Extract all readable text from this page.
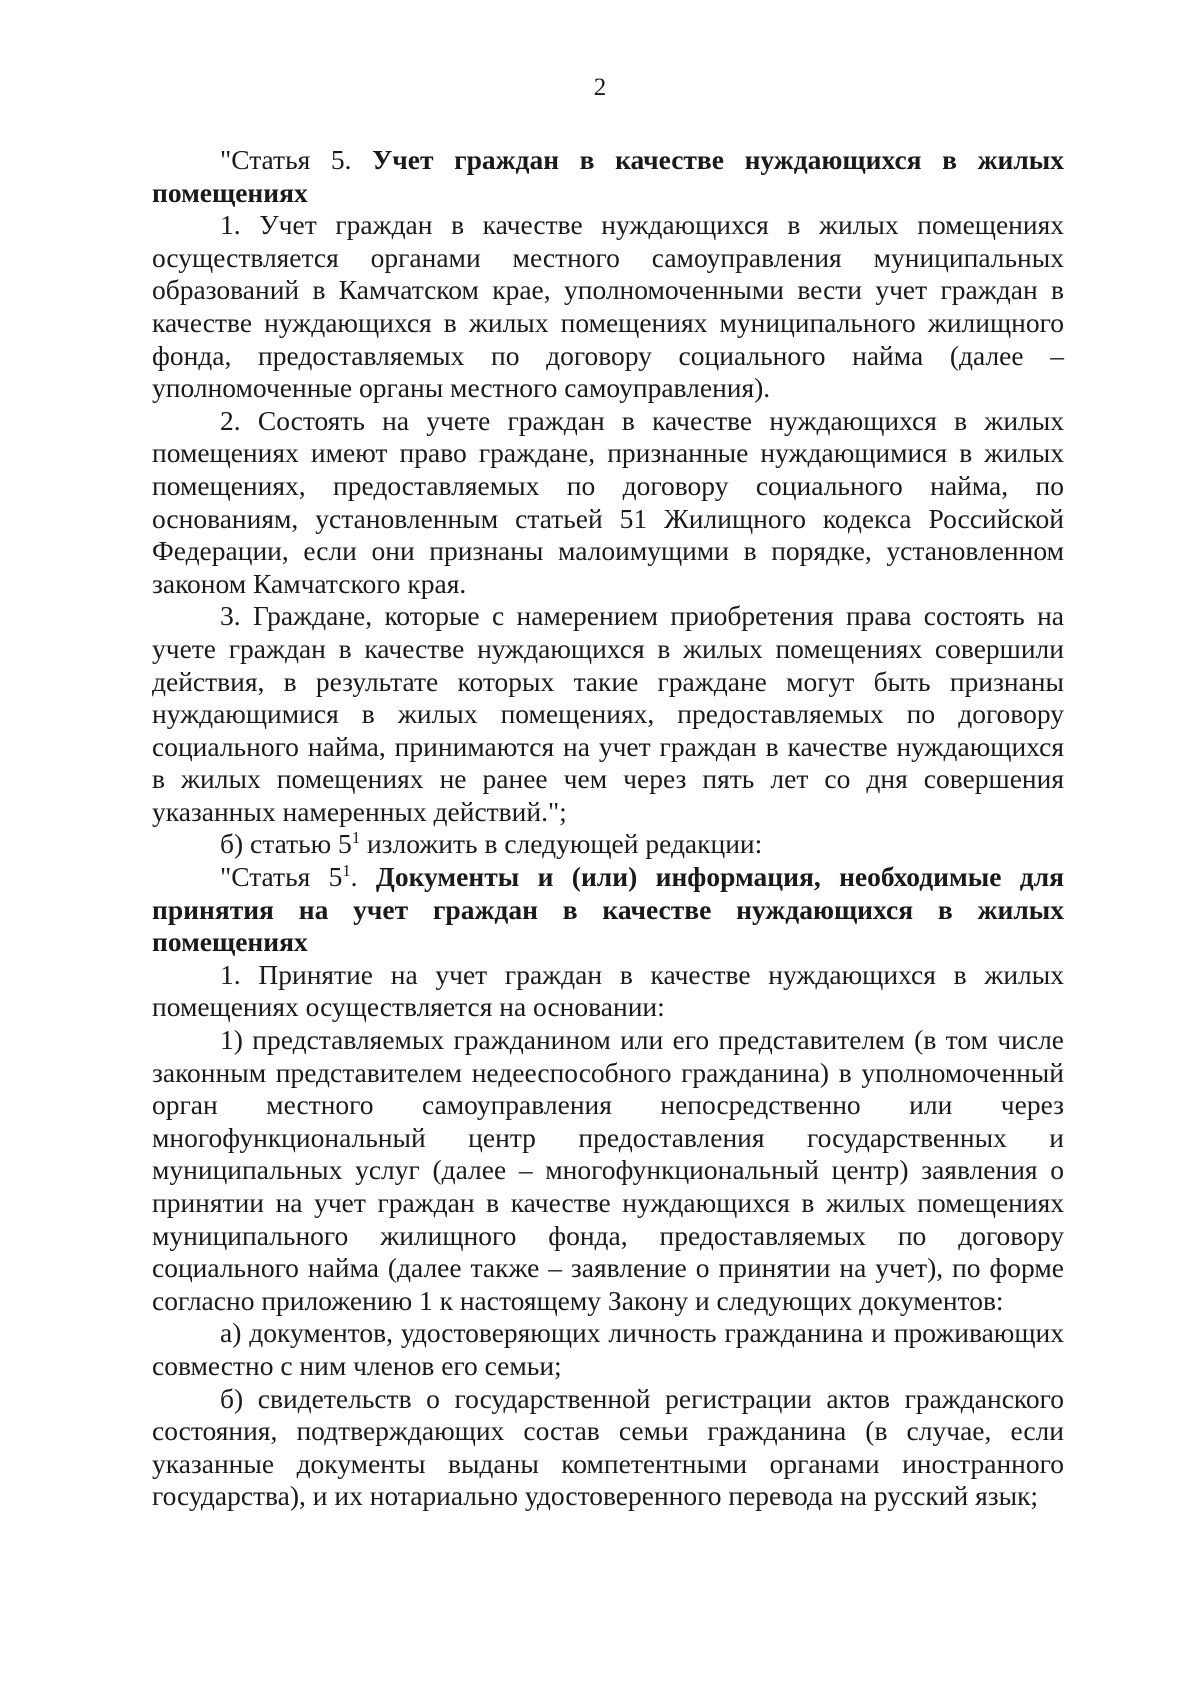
2

"Статья 5. Учет граждан в качестве нуждающихся в жилых помещениях

1. Учет граждан в качестве нуждающихся в жилых помещениях осуществляется органами местного самоуправления муниципальных образований в Камчатском крае, уполномоченными вести учет граждан в качестве нуждающихся в жилых помещениях муниципального жилищного фонда, предоставляемых по договору социального найма (далее – уполномоченные органы местного самоуправления).

2. Состоять на учете граждан в качестве нуждающихся в жилых помещениях имеют право граждане, признанные нуждающимися в жилых помещениях, предоставляемых по договору социального найма, по основаниям, установленным статьей 51 Жилищного кодекса Российской Федерации, если они признаны малоимущими в порядке, установленном законом Камчатского края.

3. Граждане, которые с намерением приобретения права состоять на учете граждан в качестве нуждающихся в жилых помещениях совершили действия, в результате которых такие граждане могут быть признаны нуждающимися в жилых помещениях, предоставляемых по договору социального найма, принимаются на учет граждан в качестве нуждающихся в жилых помещениях не ранее чем через пять лет со дня совершения указанных намеренных действий.";

б) статью $5^1$ изложить в следующей редакции:

"Статья $5^1$. Документы и (или) информация, необходимые для принятия на учет граждан в качестве нуждающихся в жилых помещениях

1. Принятие на учет граждан в качестве нуждающихся в жилых помещениях осуществляется на основании:

1) представляемых гражданином или его представителем (в том числе законным представителем недееспособного гражданина) в уполномоченный орган местного самоуправления непосредственно или через многофункциональный центр предоставления государственных и муниципальных услуг (далее – многофункциональный центр) заявления о принятии на учет граждан в качестве нуждающихся в жилых помещениях муниципального жилищного фонда, предоставляемых по договору социального найма (далее также – заявление о принятии на учет), по форме согласно приложению 1 к настоящему Закону и следующих документов:

а) документов, удостоверяющих личность гражданина и проживающих совместно с ним членов его семьи;

б) свидетельств о государственной регистрации актов гражданского состояния, подтверждающих состав семьи гражданина (в случае, если указанные документы выданы компетентными органами иностранного государства), и их нотариально удостоверенного перевода на русский язык;
